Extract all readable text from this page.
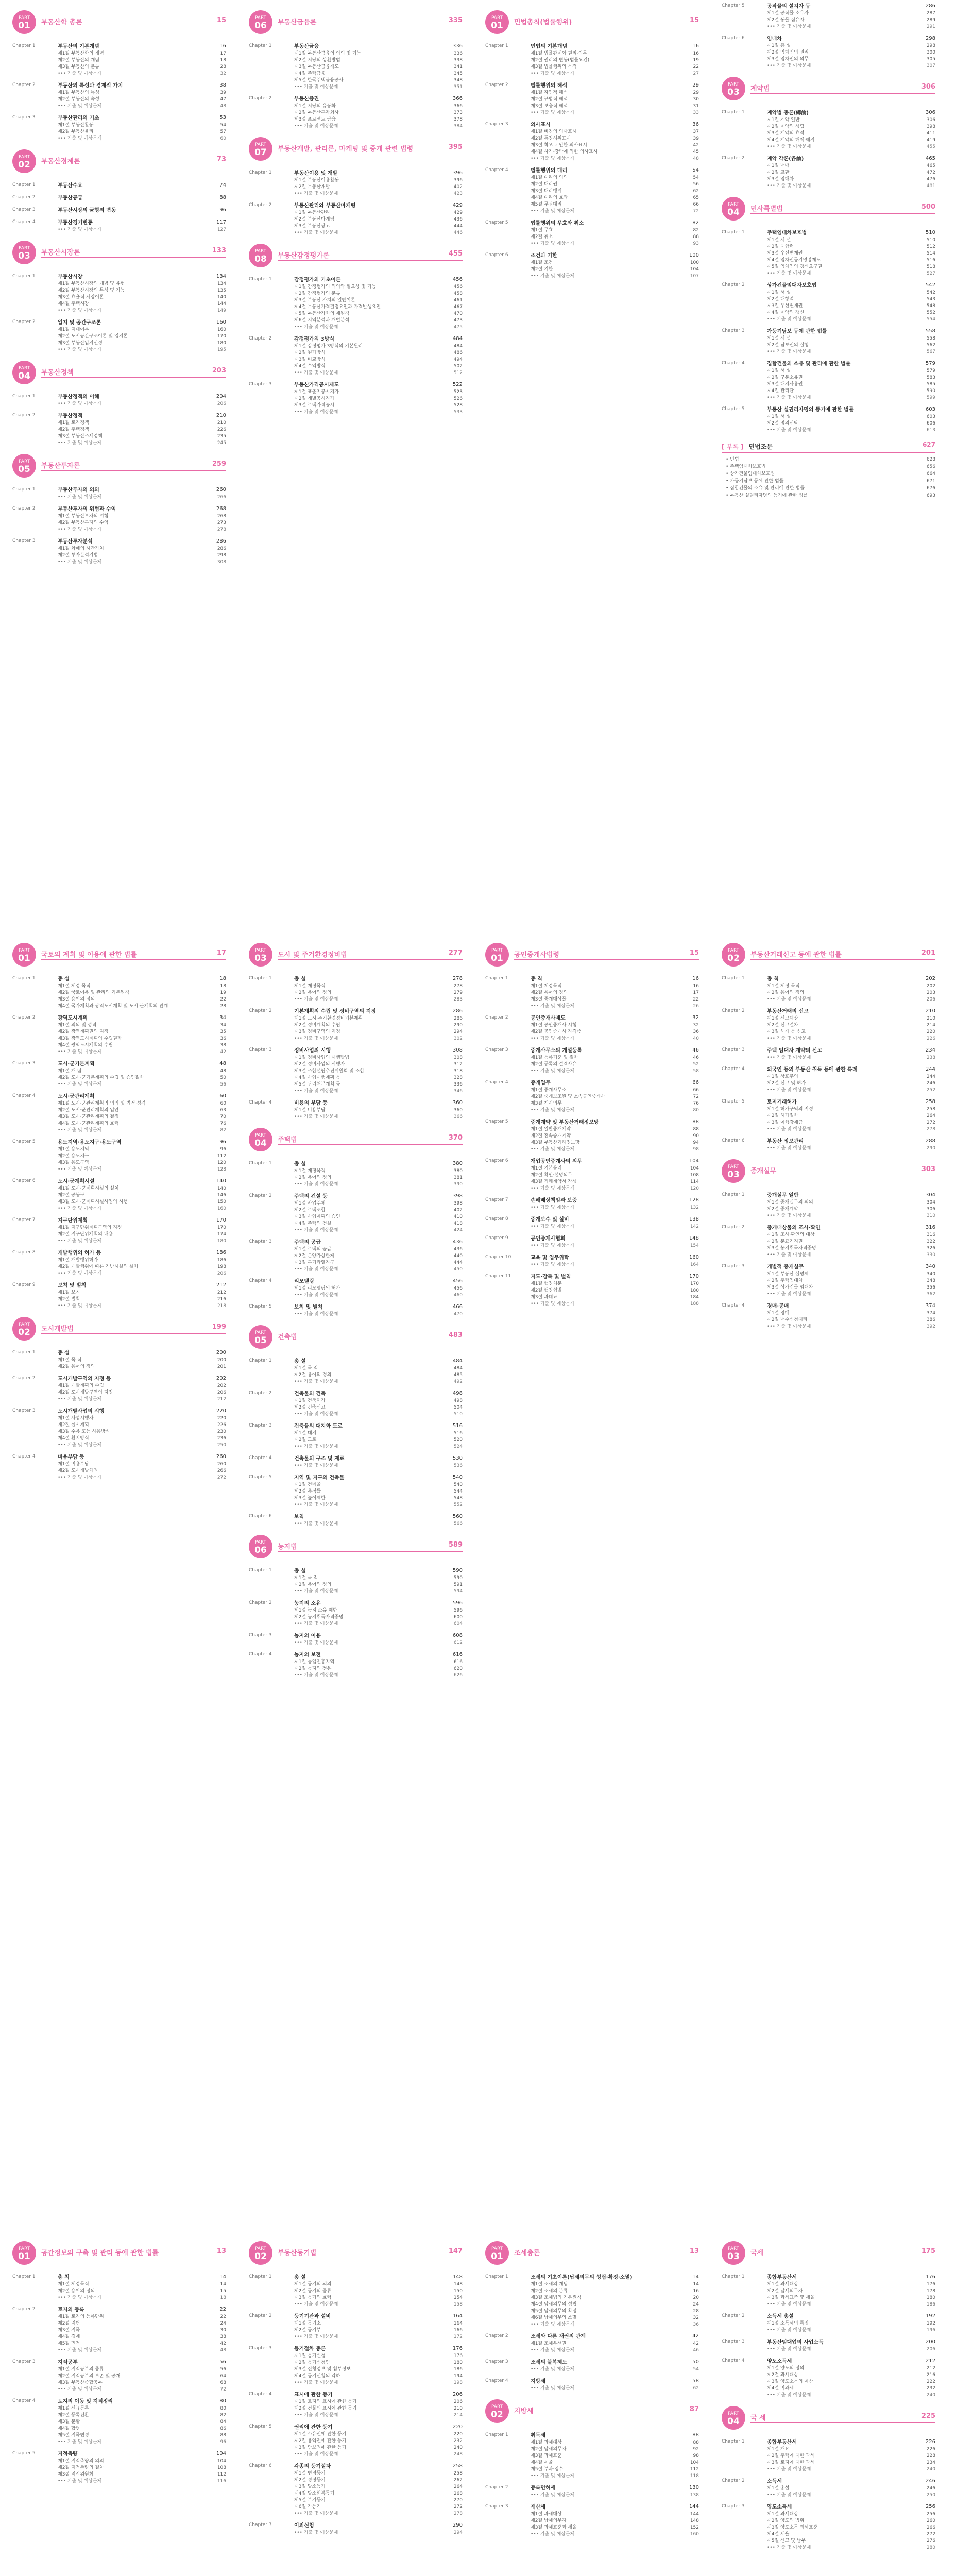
PART
01	부동산학 총론	15
Chapter 1	부동산의 기본개념	16
제1절 부동산학의 개념	17
제2절 부동산의 개념	18
제3절 부동산의 분류	28
••• 기출 및 예상문제	32
Chapter 2	부동산의 특성과 경제적 가치	38
제1절 부동산의 특성	39
제2절 부동산의 속성	47
••• 기출 및 예상문제	48
Chapter 3	부동산관리의 기초	53
제1절 부동산활동	54
제2절 부동산윤리	57
••• 기출 및 예상문제	60
PART
02	부동산경제론	73
Chapter 1	부동산수요	74
Chapter 2	부동산공급	88
Chapter 3	부동산시장의 균형의 변동	96
Chapter 4	부동산경기변동	117
••• 기출 및 예상문제	127
PART
03	부동산시장론	133
Chapter 1	부동산시장	134
제1절 부동산시장의 개념 및 유형	134
제2절 부동산시장의 특성 및 기능	135
제3절 효율적 시장이론	140
제4절 주택시장	144
••• 기출 및 예상문제	149
Chapter 2	입지 및 공간구조론	160
제1절 지대이론	160
제2절 도시공간구조이론 및 입지론	170
제3절 부동산입지선정	180
••• 기출 및 예상문제	195
PART
04	부동산정책	203
Chapter 1	부동산정책의 이해	204
••• 기출 및 예상문제	206
Chapter 2	부동산정책	210
제1절 토지정책	210
제2절 주택정책	226
제3절 부동산조세정책	235
••• 기출 및 예상문제	245
PART
05	부동산투자론	259
Chapter 1	부동산투자의 의의	260
••• 기출 및 예상문제	266
Chapter 2	부동산투자의 위험과 수익	268
제1절 부동산투자의 위험	268
제2절 부동산투자의 수익	273
••• 기출 및 예상문제	278
Chapter 3	부동산투자분석	286
제1절 화폐의 시간가치	286
제2절 투자분석기법	298
••• 기출 및 예상문제	308
PART
06	부동산금융론	335
Chapter 1	부동산금융	336
제1절 부동산금융의 의의 및 기능	336
제2절 저당의 상환방법	338
제3절 부동산금융제도	341
제4절 주택금융	345
제5절 한국주택금융공사	348
••• 기출 및 예상문제	351
Chapter 2	부동산증권	366
제1절 저당의 유동화	366
제2절 부동산투자회사	373
제3절 프로젝트 금융	378
••• 기출 및 예상문제	384
PART
07	부동산개발, 관리론, 마케팅 및 중개 관련 법령	395
Chapter 1	부동산이용 및 개발	396
제1절 부동산이용활동	396
제2절 부동산개발	402
••• 기출 및 예상문제	423
Chapter 2	부동산관리와 부동산마케팅	429
제1절 부동산관리	429
제2절 부동산마케팅	436
제3절 부동산광고	444
••• 기출 및 예상문제	446
PART
08	부동산감정평가론	455
Chapter 1	감정평가의 기초이론	456
제1절 감정평가의 의의와 필요성 및 기능	456
제2절 감정평가의 분류	458
제3절 부동산 가치의 일반이론	461
제4절 부동산가격결정요인과 가격발생요인	467
제5절 부동산가치의 제원칙	470
제6절 지역분석과 개별분석	473
••• 기출 및 예상문제	475
Chapter 2	감정평가의 3방식	484
제1절 감정평가 3방식의 기본원리	484
제2절 원가방식	486
제3절 비교방식	494
제4절 수익방식	502
••• 기출 및 예상문제	512
Chapter 3	부동산가격공시제도	522
제1절 표준지공시지가	523
제2절 개별공시지가	526
제3절 주택가격공시	528
••• 기출 및 예상문제	533
PART
01	민법총칙(법률행위)	15
Chapter 1	민법의 기본개념	16
제1절 법률관계와 권리·의무	16
제2절 권리의 변동(법률요건)	19
제3절 법률행위의 목적	22
••• 기출 및 예상문제	27
Chapter 2	법률행위의 해석	29
제1절 자연적 해석	29
제2절 규범적 해석	30
제3절 보충적 해석	31
••• 기출 및 예상문제	33
Chapter 3	의사표시	36
제1절 비진의 의사표시	37
제2절 통정허위표시	39
제3절 착오로 인한 의사표시	42
제4절 사기·강박에 의한 의사표시	45
••• 기출 및 예상문제	48
Chapter 4	법률행위의 대리	54
제1절 대리의 의의	54
제2절 대리권	56
제3절 대리행위	62
제4절 대리의 효과	65
제5절 무권대리	66
••• 기출 및 예상문제	72
Chapter 5	법률행위의 무효와 취소	82
제1절 무효	82
제2절 취소	88
••• 기출 및 예상문제	93
Chapter 6	조건과 기한	100
제1절 조건	100
제2절 기한	104
••• 기출 및 예상문제	107
Chapter 5	공작물의 설치자 등	286
제1절 공작물 소유자	287
제2절 동물 점유자	289
••• 기출 및 예상문제	291
Chapter 6	임대차	298
제1절 총 설	298
제2절 임차인의 권리	300
제3절 임차인의 의무	305
••• 기출 및 예상문제	307
PART
03	계약법	306
Chapter 1	계약법 총론(總論)	306
제1절 계약 일반	306
제2절 계약의 성립	398
제3절 계약의 효력	411
제4절 계약의 해제·해지	419
••• 기출 및 예상문제	455
Chapter 2	계약 각론(各論)	465
제1절 매매	465
제2절 교환	472
제3절 임대차	476
••• 기출 및 예상문제	481
PART
04	민사특별법	500
Chapter 1	주택임대차보호법	510
제1절 서 설	510
제2절 대항력	512
제3절 우선변제권	514
제4절 임차권등기명령제도	516
제5절 임차인의 갱신요구권	518
••• 기출 및 예상문제	527
Chapter 2	상가건물임대차보호법	542
제1절 서 설	542
제2절 대항력	543
제3절 우선변제권	548
제4절 계약의 갱신	552
••• 기출 및 예상문제	554
Chapter 3	가등기담보 등에 관한 법률	558
제1절 서 설	558
제2절 담보권의 실행	562
••• 기출 및 예상문제	567
Chapter 4	집합건물의 소유 및 관리에 관한 법률	579
제1절 서 설	579
제2절 구분소유권	583
제3절 대지사용권	585
제4절 관리단	590
••• 기출 및 예상문제	599
Chapter 5	부동산 실권리자명의 등기에 관한 법률	603
제1절 서 설	603
제2절 명의신탁	606
••• 기출 및 예상문제	613
[ 부록 ] 민법조문	627
• 민법	628
• 주택임대차보호법	656
• 상가건물임대차보호법	664
• 가등기담보 등에 관한 법률	671
• 집합건물의 소유 및 관리에 관한 법률	676
• 부동산 실권리자명의 등기에 관한 법률	693
PART
01	국토의 계획 및 이용에 관한 법률	17
Chapter 1	총 설	18
제1절 제정 목적	18
제2절 국토이용 및 관리의 기본원칙	19
제3절 용어의 정의	22
제4절 국가계획과 광역도시계획 및 도시·군계획의 관계	28
Chapter 2	광역도시계획	34
제1절 의의 및 성격	34
제2절 광역계획권의 지정	35
제3절 광역도시계획의 수립권자	36
제4절 광역도시계획의 수립	38
••• 기출 및 예상문제	42
Chapter 3	도시·군기본계획	48
제1절 개 념	48
제2절 도시·군기본계획의 수립 및 승인절차	50
••• 기출 및 예상문제	56
Chapter 4	도시·군관리계획	60
제1절 도시·군관리계획의 의의 및 법적 성격	60
제2절 도시·군관리계획의 입안	63
제3절 도시·군관리계획의 결정	70
제4절 도시·군관리계획의 효력	76
••• 기출 및 예상문제	82
Chapter 5	용도지역·용도지구·용도구역	96
제1절 용도지역	96
제2절 용도지구	112
제3절 용도구역	120
••• 기출 및 예상문제	128
Chapter 6	도시·군계획시설	140
제1절 도시·군계획시설의 설치	140
제2절 공동구	146
제3절 도시·군계획시설사업의 시행	150
••• 기출 및 예상문제	160
Chapter 7	지구단위계획	170
제1절 지구단위계획구역의 지정	170
제2절 지구단위계획의 내용	174
••• 기출 및 예상문제	180
Chapter 8	개발행위의 허가 등	186
제1절 개발행위허가	186
제2절 개발행위에 따른 기반시설의 설치	198
••• 기출 및 예상문제	206
Chapter 9	보칙 및 벌칙	212
제1절 보칙	212
제2절 벌칙	216
••• 기출 및 예상문제	218
PART
02	도시개발법	199
Chapter 1	총 설	200
제1절 목 적	200
제2절 용어의 정의	201
Chapter 2	도시개발구역의 지정 등	202
제1절 개발계획의 수립	202
제2절 도시개발구역의 지정	206
••• 기출 및 예상문제	212
Chapter 3	도시개발사업의 시행	220
제1절 사업시행자	220
제2절 실시계획	226
제3절 수용 또는 사용방식	230
제4절 환지방식	236
••• 기출 및 예상문제	250
Chapter 4	비용부담 등	260
제1절 비용부담	260
제2절 도시개발채권	266
••• 기출 및 예상문제	272
PART
03	도시 및 주거환경정비법	277
Chapter 1	총 설	278
제1절 제정목적	278
제2절 용어의 정의	279
••• 기출 및 예상문제	283
Chapter 2	기본계획의 수립 및 정비구역의 지정	286
제1절 도시·주거환경정비기본계획	286
제2절 정비계획의 수립	290
제3절 정비구역의 지정	294
••• 기출 및 예상문제	302
Chapter 3	정비사업의 시행	308
제1절 정비사업의 시행방법	308
제2절 정비사업의 시행자	312
제3절 조합설립추진위원회 및 조합	318
제4절 사업시행계획 등	328
제5절 관리처분계획 등	336
••• 기출 및 예상문제	346
Chapter 4	비용의 부담 등	360
제1절 비용부담	360
••• 기출 및 예상문제	366
PART
04	주택법	370
Chapter 1	총 설	380
제1절 제정목적	380
제2절 용어의 정의	381
••• 기출 및 예상문제	390
Chapter 2	주택의 건설 등	398
제1절 사업주체	398
제2절 주택조합	402
제3절 사업계획의 승인	410
제4절 주택의 건설	418
••• 기출 및 예상문제	424
Chapter 3	주택의 공급	436
제1절 주택의 공급	436
제2절 분양가상한제	440
제3절 투기과열지구	444
••• 기출 및 예상문제	450
Chapter 4	리모델링	456
제1절 리모델링의 허가	456
••• 기출 및 예상문제	460
Chapter 5	보칙 및 벌칙	466
••• 기출 및 예상문제	470
PART
05	건축법	483
Chapter 1	총 설	484
제1절 목 적	484
제2절 용어의 정의	485
••• 기출 및 예상문제	492
Chapter 2	건축물의 건축	498
제1절 건축허가	498
제2절 건축신고	504
••• 기출 및 예상문제	510
Chapter 3	건축물의 대지와 도로	516
제1절 대지	516
제2절 도로	520
••• 기출 및 예상문제	524
Chapter 4	건축물의 구조 및 재료	530
••• 기출 및 예상문제	536
Chapter 5	지역 및 지구의 건축물	540
제1절 건폐율	540
제2절 용적률	544
제3절 높이제한	548
••• 기출 및 예상문제	552
Chapter 6	보칙	560
••• 기출 및 예상문제	566
PART
06	농지법	589
Chapter 1	총 설	590
제1절 목 적	590
제2절 용어의 정의	591
••• 기출 및 예상문제	594
Chapter 2	농지의 소유	596
제1절 농지 소유 제한	596
제2절 농지취득자격증명	600
••• 기출 및 예상문제	604
Chapter 3	농지의 이용	608
••• 기출 및 예상문제	612
Chapter 4	농지의 보전	616
제1절 농업진흥지역	616
제2절 농지의 전용	620
••• 기출 및 예상문제	626
PART
01	공인중개사법령	15
Chapter 1	총 칙	16
제1절 제정목적	16
제2절 용어의 정의	17
제3절 중개대상물	22
••• 기출 및 예상문제	26
Chapter 2	공인중개사제도	32
제1절 공인중개사 시험	32
제2절 공인중개사 자격증	36
••• 기출 및 예상문제	40
Chapter 3	중개사무소의 개설등록	46
제1절 등록기준 및 절차	46
제2절 등록의 결격사유	52
••• 기출 및 예상문제	58
Chapter 4	중개업무	66
제1절 중개사무소	66
제2절 중개보조원 및 소속공인중개사	72
제3절 게시의무	76
••• 기출 및 예상문제	80
Chapter 5	중개계약 및 부동산거래정보망	88
제1절 일반중개계약	88
제2절 전속중개계약	90
제3절 부동산거래정보망	94
••• 기출 및 예상문제	98
Chapter 6	개업공인중개사의 의무	104
제1절 기본윤리	104
제2절 확인·설명의무	108
제3절 거래계약서 작성	114
••• 기출 및 예상문제	120
Chapter 7	손해배상책임과 보증	128
••• 기출 및 예상문제	132
Chapter 8	중개보수 및 실비	138
••• 기출 및 예상문제	142
Chapter 9	공인중개사협회	148
••• 기출 및 예상문제	154
Chapter 10	교육 및 업무위탁	160
••• 기출 및 예상문제	164
Chapter 11	지도·감독 및 벌칙	170
제1절 행정처분	170
제2절 행정형벌	180
제3절 과태료	184
••• 기출 및 예상문제	188
PART
02	부동산거래신고 등에 관한 법률	201
Chapter 1	총 칙	202
제1절 제정 목적	202
제2절 용어의 정의	203
••• 기출 및 예상문제	206
Chapter 2	부동산거래의 신고	210
제1절 신고대상	210
제2절 신고절차	214
제3절 해제 등 신고	220
••• 기출 및 예상문제	226
Chapter 3	주택 임대차 계약의 신고	234
••• 기출 및 예상문제	238
Chapter 4	외국인 등의 부동산 취득 등에 관한 특례	244
제1절 상호주의	244
제2절 신고 및 허가	246
••• 기출 및 예상문제	252
Chapter 5	토지거래허가	258
제1절 허가구역의 지정	258
제2절 허가절차	264
제3절 이행강제금	272
••• 기출 및 예상문제	278
Chapter 6	부동산 정보관리	288
••• 기출 및 예상문제	290
PART
03	중개실무	303
Chapter 1	중개실무 일반	304
제1절 중개실무의 의의	304
제2절 중개계약	306
••• 기출 및 예상문제	310
Chapter 2	중개대상물의 조사·확인	316
제1절 조사·확인의 대상	316
제2절 분묘기지권	322
제3절 농지취득자격증명	326
••• 기출 및 예상문제	330
Chapter 3	개별적 중개실무	340
제1절 부동산 실명제	340
제2절 주택임대차	348
제3절 상가건물 임대차	356
••• 기출 및 예상문제	362
Chapter 4	경매·공매	374
제1절 경매	374
제2절 매수신청대리	386
••• 기출 및 예상문제	392
PART
01	공간정보의 구축 및 관리 등에 관한 법률	13
Chapter 1	총 칙	14
제1절 제정목적	14
제2절 용어의 정의	15
••• 기출 및 예상문제	18
Chapter 2	토지의 등록	22
제1절 토지의 등록단위	22
제2절 지번	24
제3절 지목	30
제4절 경계	38
제5절 면적	42
••• 기출 및 예상문제	48
Chapter 3	지적공부	56
제1절 지적공부의 종류	56
제2절 지적공부의 보존 및 공개	64
제3절 부동산종합공부	68
••• 기출 및 예상문제	72
Chapter 4	토지의 이동 및 지적정리	80
제1절 신규등록	80
제2절 등록전환	82
제3절 분할	84
제4절 합병	86
제5절 지목변경	88
••• 기출 및 예상문제	96
Chapter 5	지적측량	104
제1절 지적측량의 의의	104
제2절 지적측량의 절차	108
제3절 지적위원회	112
••• 기출 및 예상문제	116
PART
02	부동산등기법	147
Chapter 1	총 설	148
제1절 등기의 의의	148
제2절 등기의 종류	150
제3절 등기의 효력	154
••• 기출 및 예상문제	158
Chapter 2	등기기관과 설비	164
제1절 등기소	164
제2절 등기부	166
••• 기출 및 예상문제	172
Chapter 3	등기절차 총론	176
제1절 등기신청	176
제2절 등기신청인	180
제3절 신청정보 및 첨부정보	186
제4절 등기신청의 각하	194
••• 기출 및 예상문제	198
Chapter 4	표시에 관한 등기	206
제1절 토지의 표시에 관한 등기	206
제2절 건물의 표시에 관한 등기	210
••• 기출 및 예상문제	214
Chapter 5	권리에 관한 등기	220
제1절 소유권에 관한 등기	220
제2절 용익권에 관한 등기	232
제3절 담보권에 관한 등기	240
••• 기출 및 예상문제	248
Chapter 6	각종의 등기절차	258
제1절 변경등기	258
제2절 경정등기	262
제3절 말소등기	264
제4절 말소회복등기	268
제5절 부기등기	270
제6절 가등기	272
••• 기출 및 예상문제	278
Chapter 7	이의신청	290
••• 기출 및 예상문제	294
PART
01	조세총론	13
Chapter 1	조세의 기초이론(납세의무의 성립·확정·소멸)	14
제1절 조세의 개념	14
제2절 조세의 분류	16
제3절 조세법의 기본원칙	20
제4절 납세의무의 성립	24
제5절 납세의무의 확정	28
제6절 납세의무의 소멸	32
••• 기출 및 예상문제	36
Chapter 2	조세와 다른 채권의 관계	42
제1절 조세우선권	42
••• 기출 및 예상문제	46
Chapter 3	조세의 불복제도	50
••• 기출 및 예상문제	54
Chapter 4	지방세	58
••• 기출 및 예상문제	62
PART
02	지방세	87
Chapter 1	취득세	88
제1절 과세대상	88
제2절 납세의무자	92
제3절 과세표준	98
제4절 세율	104
제5절 부과·징수	112
••• 기출 및 예상문제	118
Chapter 2	등록면허세	130
••• 기출 및 예상문제	138
Chapter 3	재산세	144
제1절 과세대상	144
제2절 납세의무자	148
제3절 과세표준과 세율	152
••• 기출 및 예상문제	160
PART
03	국세	175
Chapter 1	종합부동산세	176
제1절 과세대상	176
제2절 납세의무자	178
제3절 과세표준 및 세율	180
••• 기출 및 예상문제	186
Chapter 2	소득세 총설	192
제1절 소득세의 특징	192
••• 기출 및 예상문제	196
Chapter 3	부동산임대업의 사업소득	200
••• 기출 및 예상문제	206
Chapter 4	양도소득세	212
제1절 양도의 정의	212
제2절 과세대상	216
제3절 양도소득의 계산	222
제4절 비과세	232
••• 기출 및 예상문제	240
PART
04	국 세	225
Chapter 1	종합부동산세	226
제1절 개요	226
제2절 주택에 대한 과세	228
제3절 토지에 대한 과세	234
••• 기출 및 예상문제	240
Chapter 2	소득세	246
제1절 총설	246
••• 기출 및 예상문제	250
Chapter 3	양도소득세	256
제1절 과세대상	256
제2절 양도의 범위	260
제3절 양도소득 과세표준	266
제4절 세율	272
제5절 신고 및 납부	276
••• 기출 및 예상문제	280
